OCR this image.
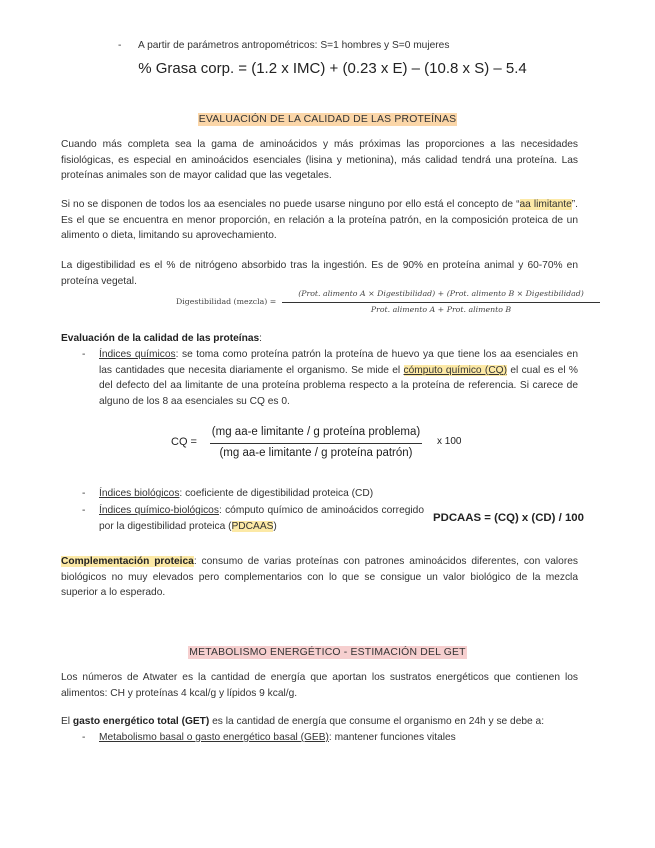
-	A partir de parámetros antropométricos: S=1 hombres y S=0 mujeres
% Grasa corp. = (1.2 x IMC) + (0.23 x E) – (10.8 x S) – 5.4
EVALUACIÓN DE LA CALIDAD DE LAS PROTEÍNAS
Cuando más completa sea la gama de aminoácidos y más próximas las proporciones a las necesidades fisiológicas, es especial en aminoácidos esenciales (lisina y metionina), más calidad tendrá una proteína. Las proteínas animales son de mayor calidad que las vegetales.
Si no se disponen de todos los aa esenciales no puede usarse ninguno por ello está el concepto de “aa limitante”. Es el que se encuentra en menor proporción, en relación a la proteína patrón, en la composición proteica de un alimento o dieta, limitando su aprovechamiento.
La digestibilidad es el % de nitrógeno absorbido tras la ingestión. Es de 90% en proteína animal y 60-70% en proteína vegetal.
Digestibilidad (mezcla) =
(Prot. alimento A × Digestibilidad) + (Prot. alimento B × Digestibilidad)
Prot. alimento A + Prot. alimento B
Evaluación de la calidad de las proteínas:
- Índices químicos: se toma como proteína patrón la proteína de huevo ya que tiene los aa esenciales en las cantidades que necesita diariamente el organismo. Se mide el cómputo químico (CQ) el cual es el % del defecto del aa limitante de una proteína problema respecto a la proteína de referencia. Si carece de alguno de los 8 aa esenciales su CQ es 0.
CQ =
(mg aa-e limitante / g proteína problema)
(mg aa-e limitante / g proteína patrón)
x 100
- Índices biológicos: coeficiente de digestibilidad proteica (CD)
- Índices químico-biológicos: cómputo químico de aminoácidos corregido por la digestibilidad proteica (PDCAAS)
PDCAAS = (CQ) x (CD) / 100
Complementación proteica: consumo de varias proteínas con patrones aminoácidos diferentes, con valores biológicos no muy elevados pero complementarios con lo que se consigue un valor biológico de la mezcla superior a lo esperado.
METABOLISMO ENERGÉTICO - ESTIMACIÓN DEL GET
Los números de Atwater es la cantidad de energía que aportan los sustratos energéticos que contienen los alimentos: CH y proteínas 4 kcal/g y lípidos 9 kcal/g.
El gasto energético total (GET) es la cantidad de energía que consume el organismo en 24h y se debe a:
- Metabolismo basal o gasto energético basal (GEB): mantener funciones vitales
